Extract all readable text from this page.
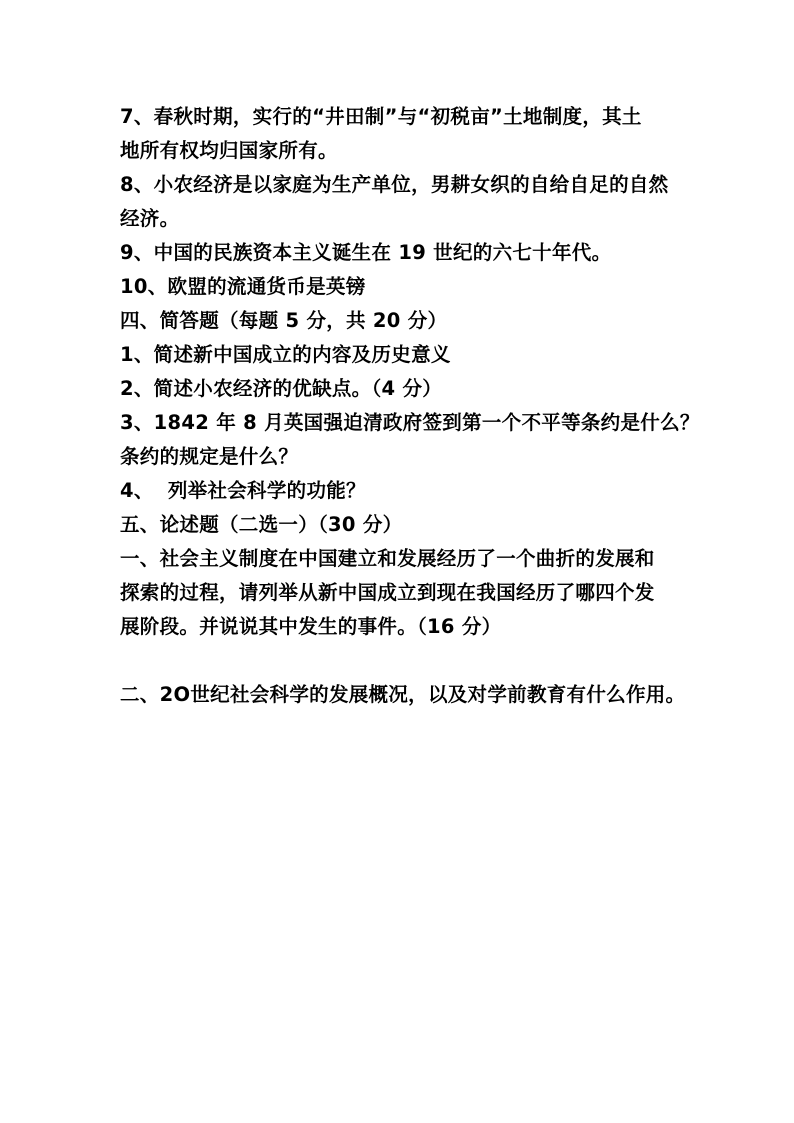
7、春秋时期，实行的“井田制”与“初税亩”土地制度，其土
地所有权均归国家所有。
8、小农经济是以家庭为生产单位，男耕女织的自给自足的自然
经济。
9、中国的民族资本主义诞生在 19 世纪的六七十年代。
10、欧盟的流通货币是英镑
四、简答题（每题 5 分，共 20 分）
1、简述新中国成立的内容及历史意义
2、简述小农经济的优缺点。（4 分）
3、1842 年 8 月英国强迫清政府签到第一个不平等条约是什么？
条约的规定是什么？
4、  列举社会科学的功能？
五、论述题（二选一）（30 分）
一、社会主义制度在中国建立和发展经历了一个曲折的发展和
探索的过程，请列举从新中国成立到现在我国经历了哪四个发
展阶段。并说说其中发生的事件。（16 分）
二、2O世纪社会科学的发展概况，以及对学前教育有什么作用。
